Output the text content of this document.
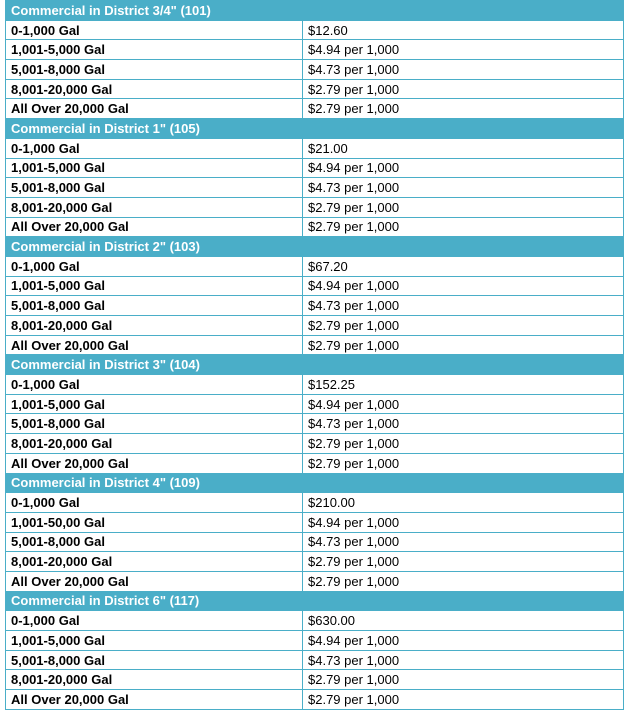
Commercial in District 3/4" (101)	
0-1,000 Gal	$12.60
1,001-5,000 Gal	$4.94 per 1,000
5,001-8,000 Gal	$4.73 per 1,000
8,001-20,000 Gal	$2.79 per 1,000
All Over 20,000 Gal	$2.79 per 1,000
Commercial in District 1" (105)	
0-1,000 Gal	$21.00
1,001-5,000 Gal	$4.94 per 1,000
5,001-8,000 Gal	$4.73 per 1,000
8,001-20,000 Gal	$2.79 per 1,000
All Over 20,000 Gal	$2.79 per 1,000
Commercial in District 2" (103)	
0-1,000 Gal	$67.20
1,001-5,000 Gal	$4.94 per 1,000
5,001-8,000 Gal	$4.73 per 1,000
8,001-20,000 Gal	$2.79 per 1,000
All Over 20,000 Gal	$2.79 per 1,000
Commercial in District 3" (104)	
0-1,000 Gal	$152.25
1,001-5,000 Gal	$4.94 per 1,000
5,001-8,000 Gal	$4.73 per 1,000
8,001-20,000 Gal	$2.79 per 1,000
All Over 20,000 Gal	$2.79 per 1,000
Commercial in District 4" (109)	
0-1,000 Gal	$210.00
1,001-50,00 Gal	$4.94 per 1,000
5,001-8,000 Gal	$4.73 per 1,000
8,001-20,000 Gal	$2.79 per 1,000
All Over 20,000 Gal	$2.79 per 1,000
Commercial in District 6" (117)	
0-1,000 Gal	$630.00
1,001-5,000 Gal	$4.94 per 1,000
5,001-8,000 Gal	$4.73 per 1,000
8,001-20,000 Gal	$2.79 per 1,000
All Over 20,000 Gal	$2.79 per 1,000
